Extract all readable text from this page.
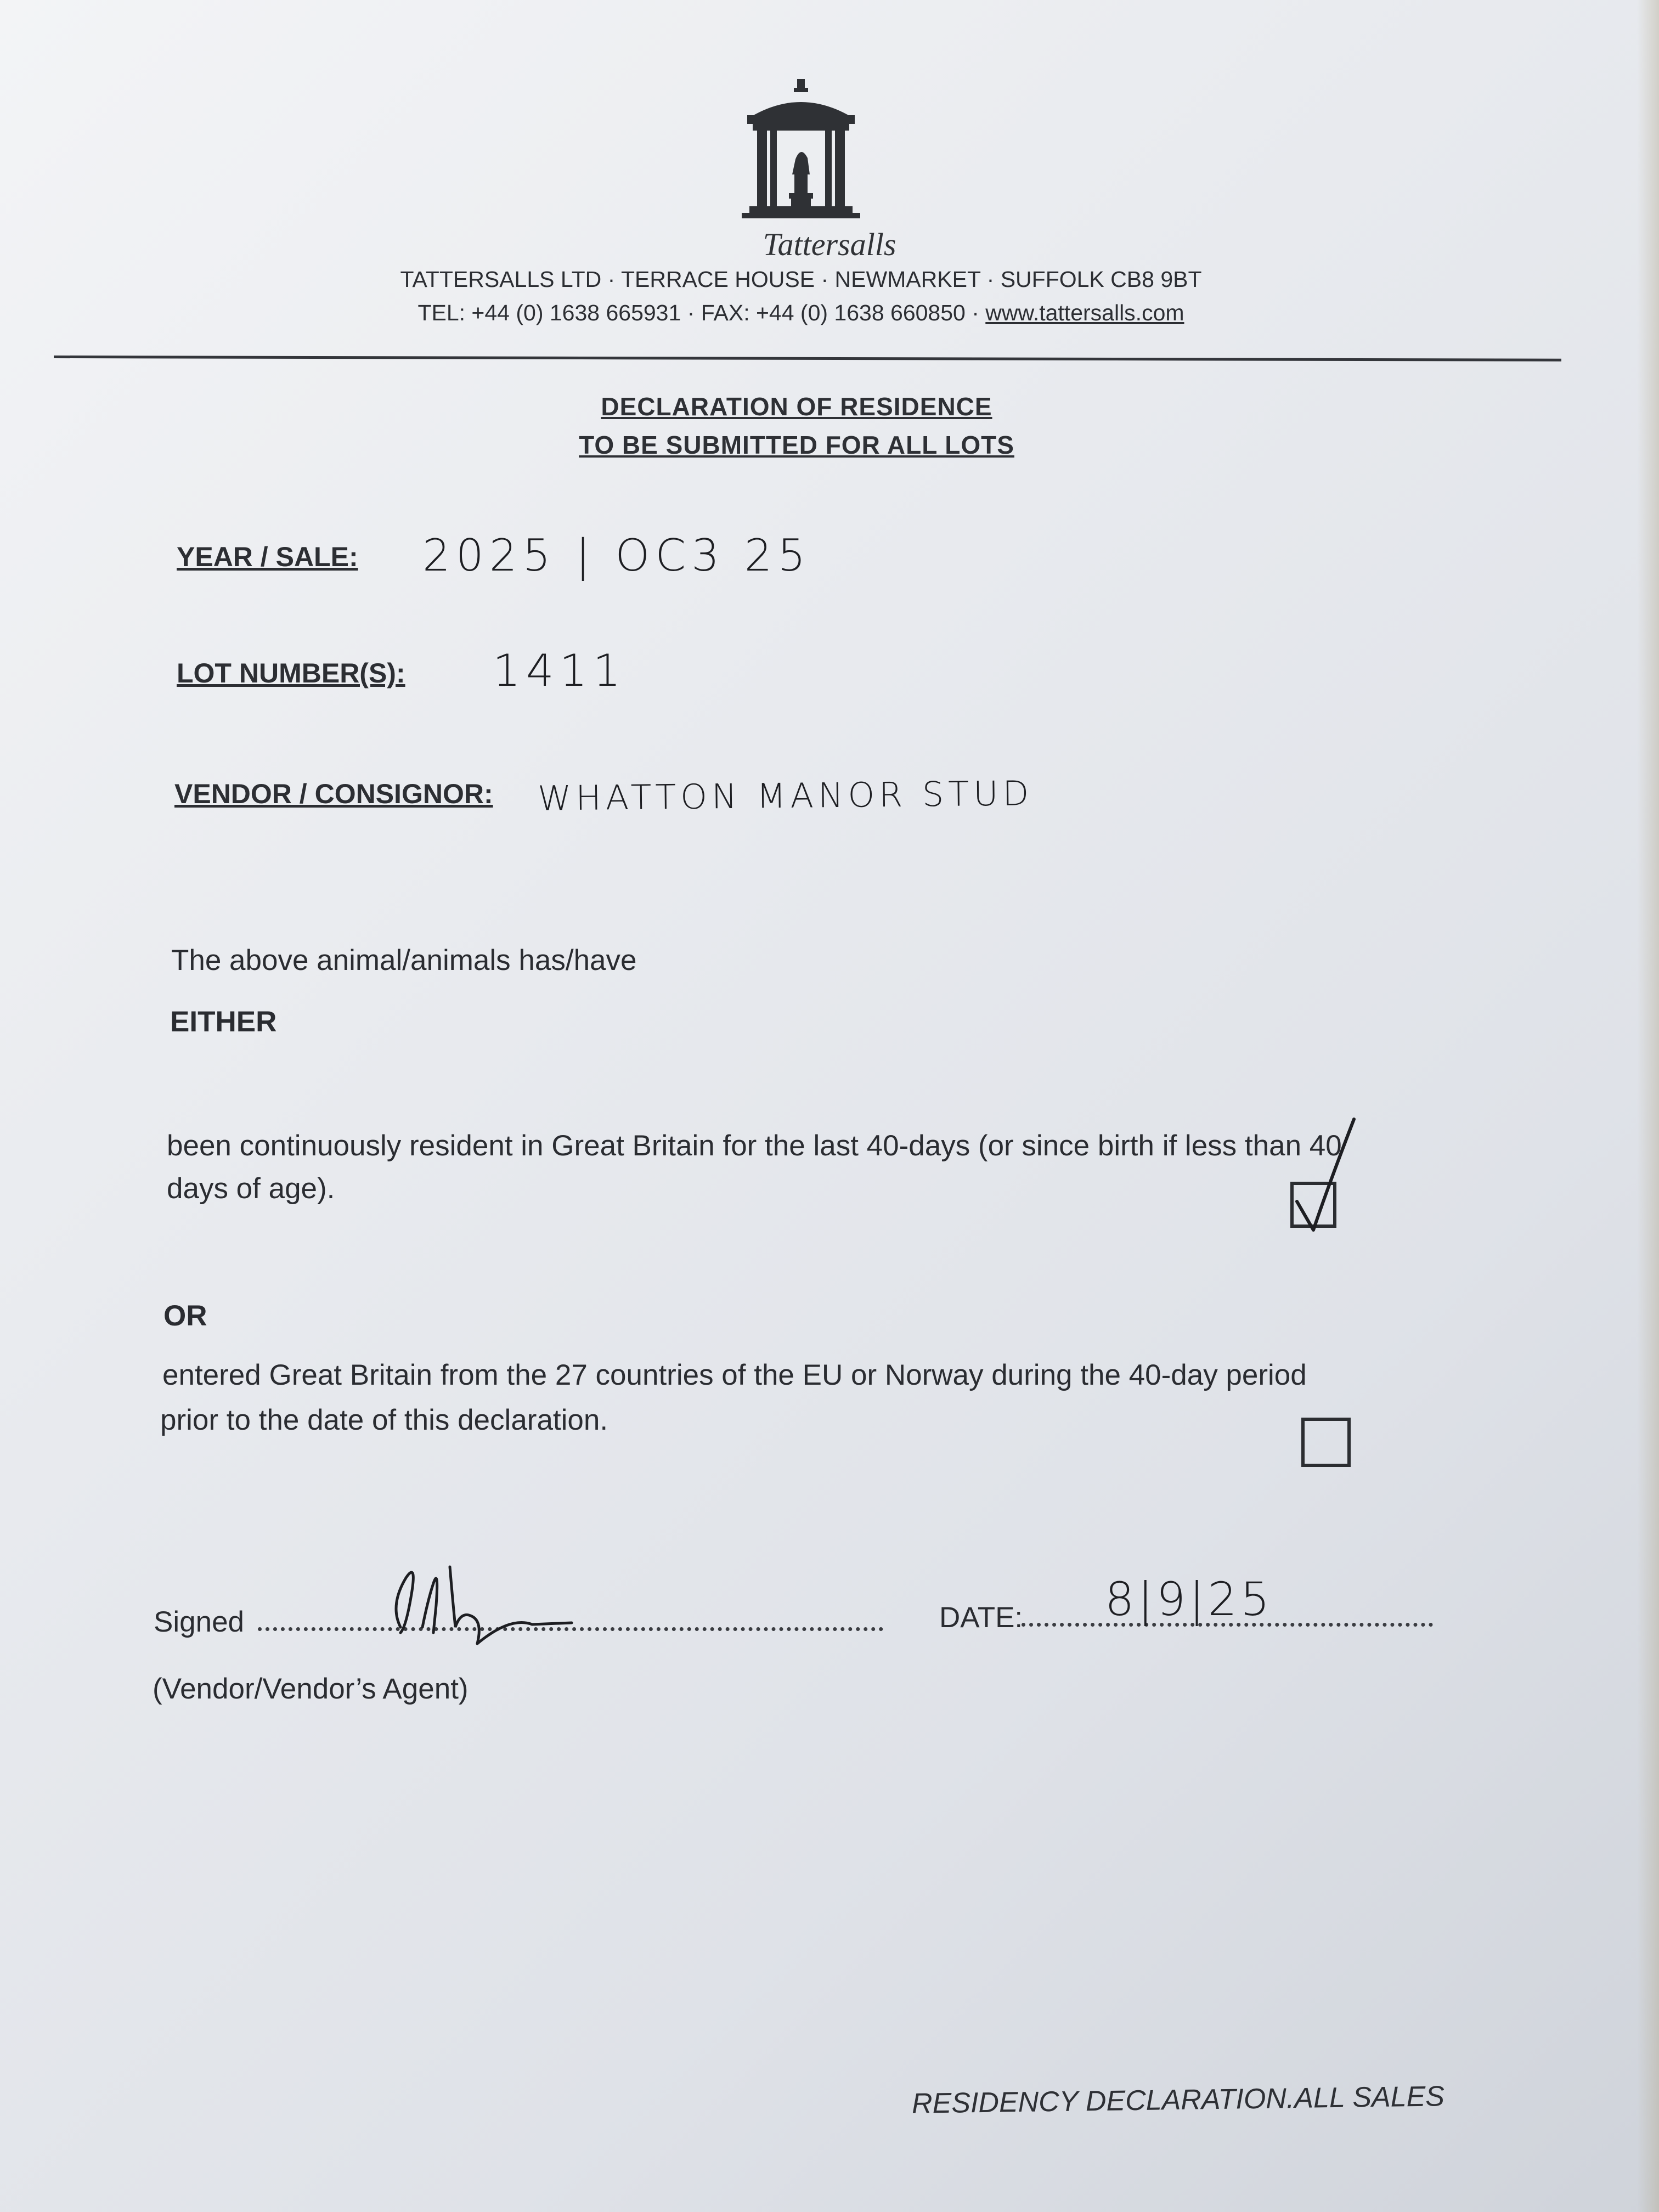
Tattersalls
TATTERSALLS LTD · TERRACE HOUSE · NEWMARKET · SUFFOLK CB8 9BT
TEL: +44 (0) 1638 665931 · FAX: +44 (0) 1638 660850 · www.tattersalls.com
DECLARATION OF RESIDENCE
TO BE SUBMITTED FOR ALL LOTS
YEAR / SALE: 2025 | OC3 25
LOT NUMBER(S): 1411
VENDOR / CONSIGNOR: WHATTON MANOR STUD
The above animal/animals has/have
EITHER
been continuously resident in Great Britain for the last 40-days (or since birth if less than 40
days of age).
OR
entered Great Britain from the 27 countries of the EU or Norway during the 40-day period
prior to the date of this declaration.
Signed	DATE: 8|9|25
(Vendor/Vendor’s Agent)
RESIDENCY DECLARATION.ALL SALES
